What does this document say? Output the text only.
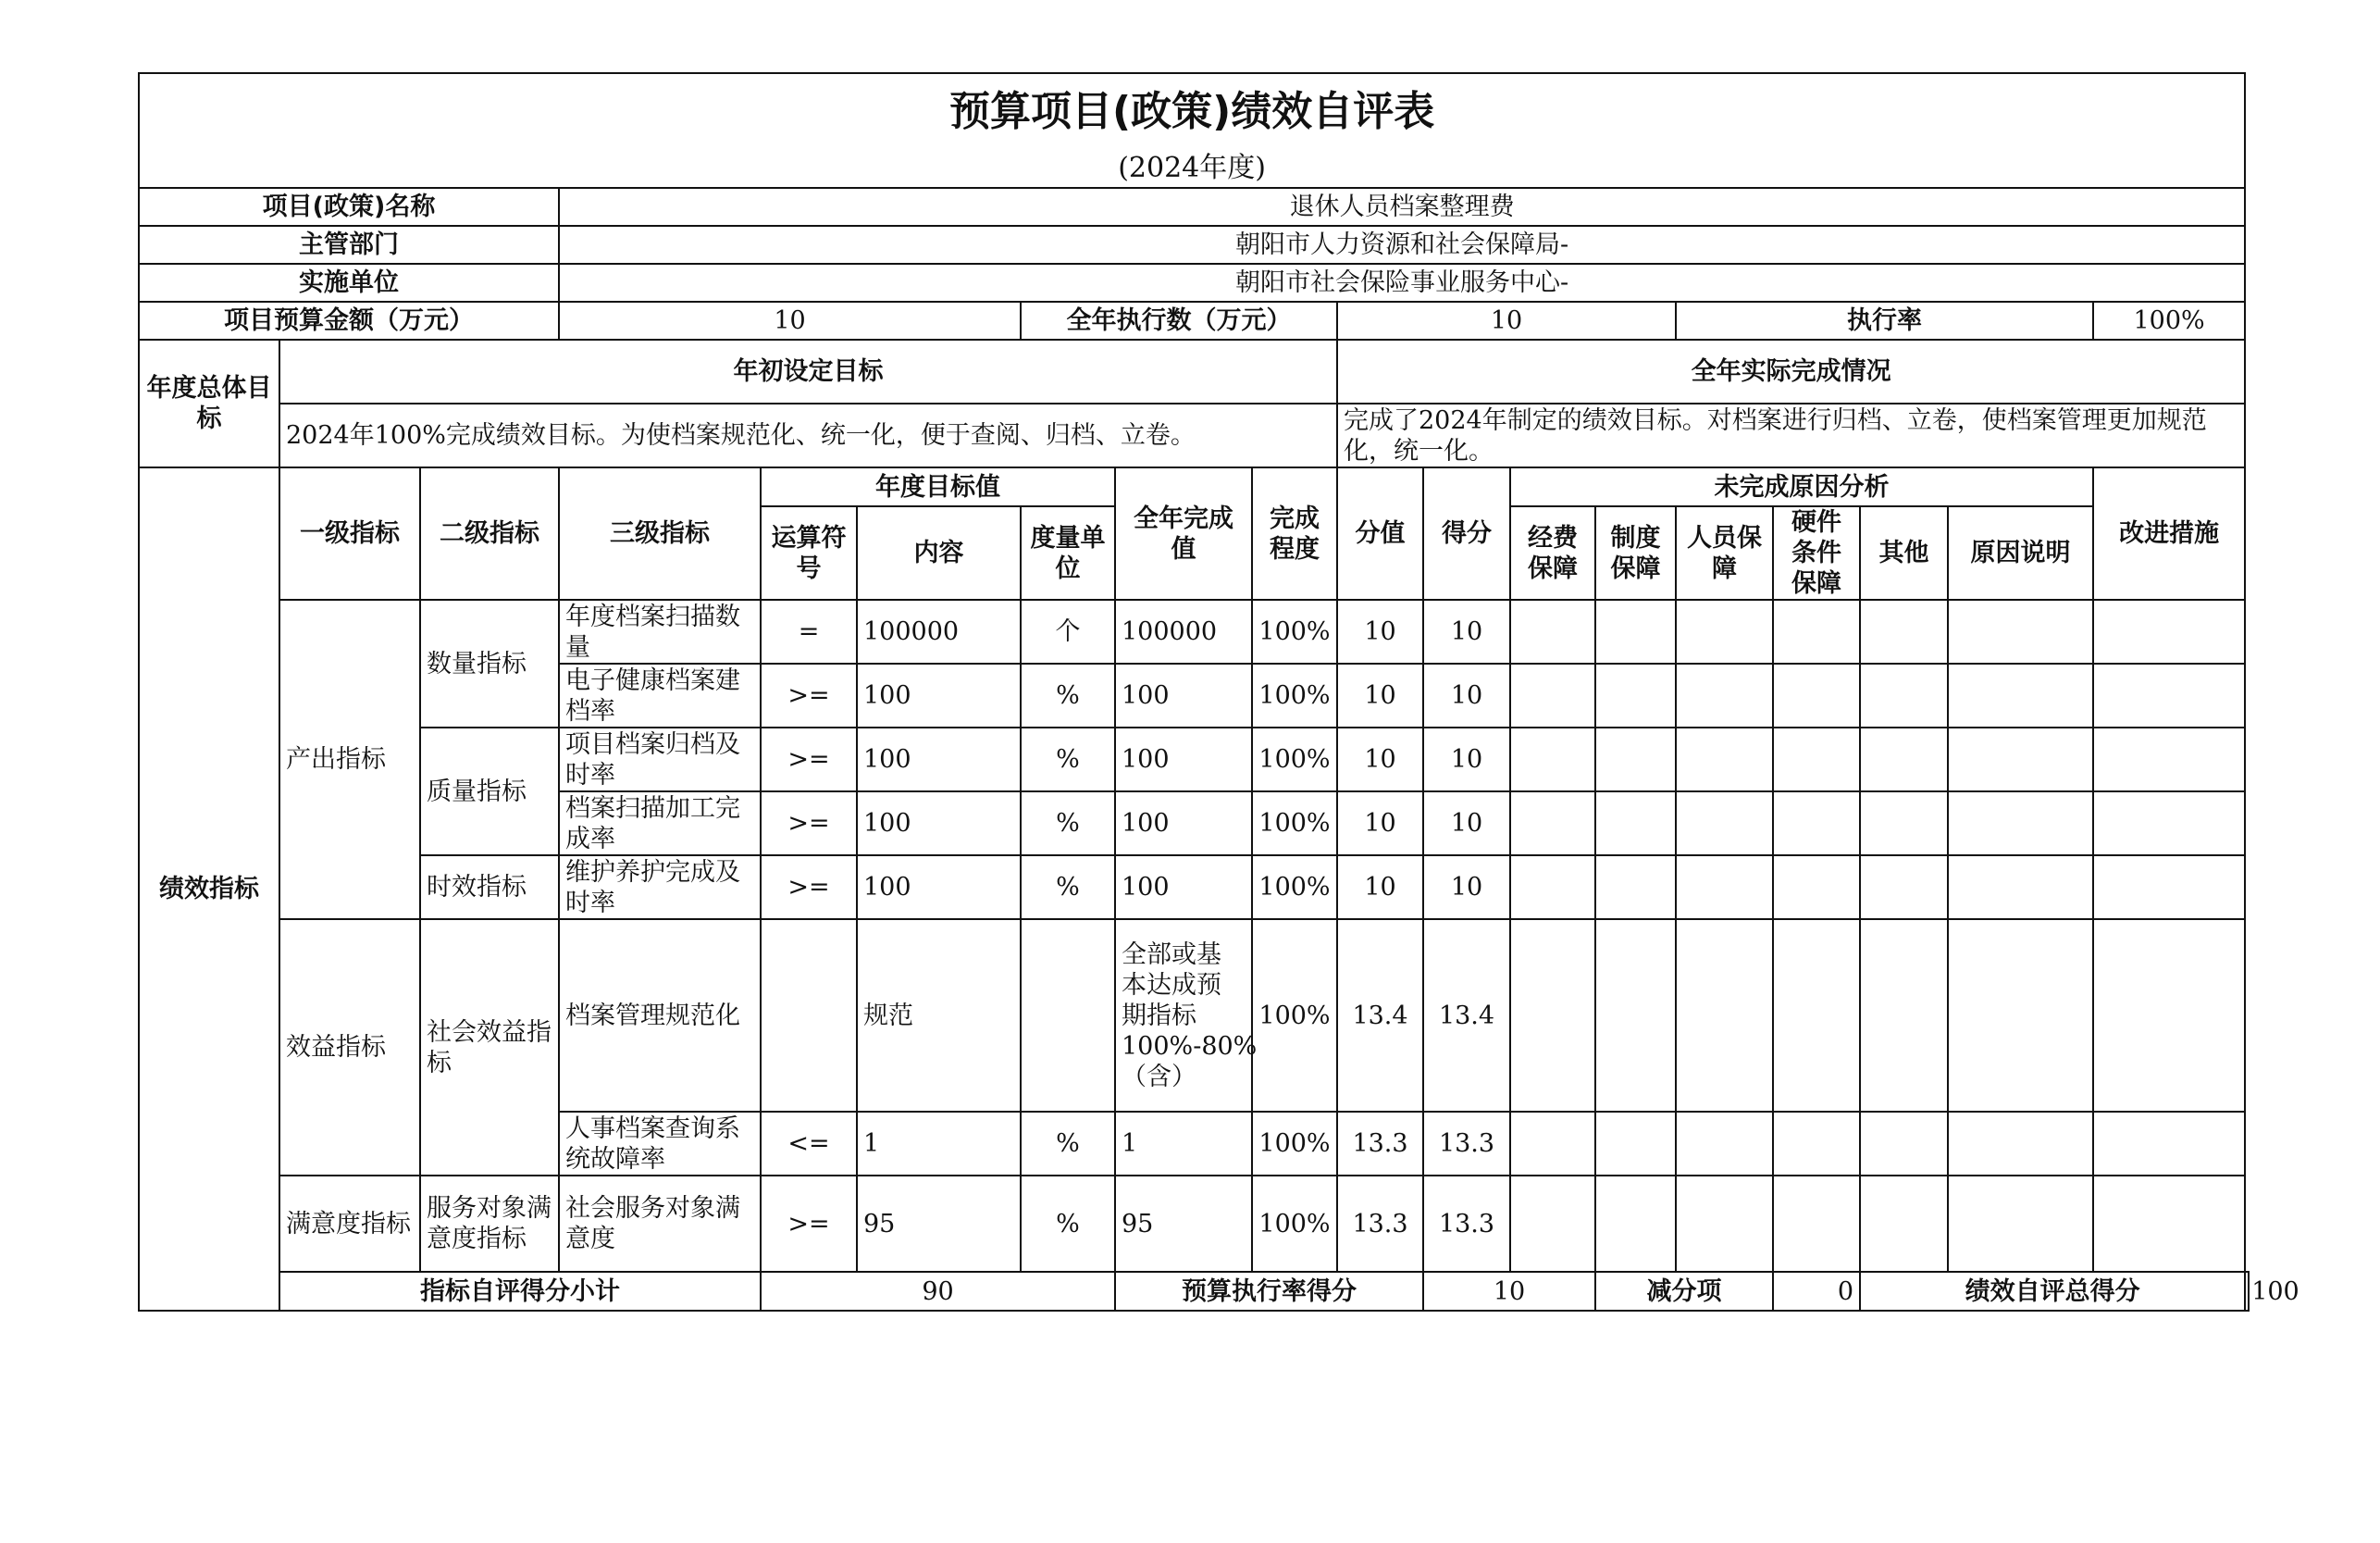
预算项目(政策)绩效自评表																		
(2024年度)																		
项目(政策)名称			退休人员档案整理费															
主管部门			朝阳市人力资源和社会保障局-															
实施单位			朝阳市社会保险事业服务中心-															
项目预算金额（万元）			10			全年执行数（万元）			10				执行率				100%	
年度总体目标	年初设定目标								全年实际完成情况									
	2024年100%完成绩效目标。为使档案规范化、统一化，便于查阅、归档、立卷。								完成了2024年制定的绩效目标。对档案进行归档、立卷，使档案管理更加规范化，统一化。									
绩效指标	一级指标	二级指标	三级指标	年度目标值			全年完成值	完成程度	分值	得分	未完成原因分析						改进措施	
				运算符号	内容	度量单位					经费保障	制度保障	人员保障	硬件条件保障	其他	原因说明		
	产出指标	数量指标	年度档案扫描数量	=	100000	个	100000	100%	10	10								
			电子健康档案建档率	>=	100	%	100	100%	10	10								
		质量指标	项目档案归档及时率	>=	100	%	100	100%	10	10								
			档案扫描加工完成率	>=	100	%	100	100%	10	10								
		时效指标	维护养护完成及时率	>=	100	%	100	100%	10	10								
	效益指标	社会效益指标	档案管理规范化		规范		全部或基本达成预期指标100%-80%（含）	100%	13.4	13.4								
			人事档案查询系统故障率	<=	1	%	1	100%	13.3	13.3								
	满意度指标	服务对象满意度指标	社会服务对象满意度	>=	95	%	95	100%	13.3	13.3								
	指标自评得分小计			90			预算执行率得分			10		减分项		0	绩效自评总得分			100
